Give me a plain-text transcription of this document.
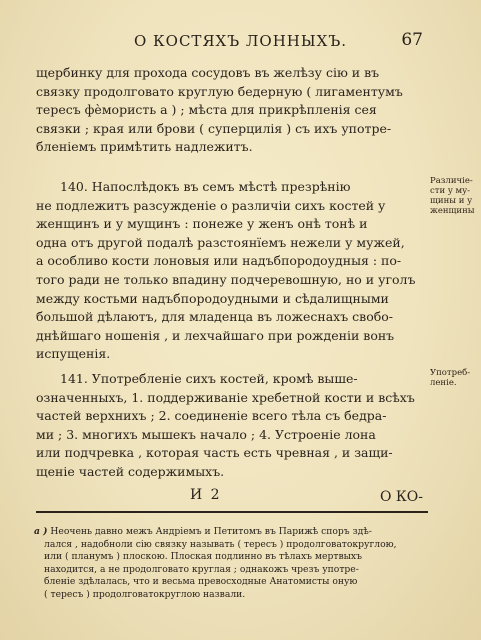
О КОСТЯХЪ ЛОННЫХЪ.	67
щербинку для прохода сосудовъ въ желѣзу сію и въ
связку продолговато круглую бедерную ( лигаментумъ
тересъ фѐмористь а ) ; мѣста для прикрѣпленія сея
связки ; края или брови ( суперцилія ) съ ихъ употре-
бленіемъ примѣтить надлежитъ.
140. Напослѣдокъ въ семъ мѣстѣ презрѣнію
не подлежитъ разсужденіе о различіи сихъ костей у
женщинъ и у мущинъ : понеже у женъ онѣ тонѣ и
одна отъ другой подалѣ разстоянїемъ нежели у мужей,
а особливо кости лоновыя или надъбпородоудныя : по-
того ради не только впадину подчеревошную, но и уголъ
между костьми надъбпородоудными и сѣдалищными
большой дѣлаютъ, для младенца въ ложеснахъ свобо-
днѣйшаго ношенія , и лехчайшаго при рожденіи вонъ
испущенія.
141. Употребленіе сихъ костей, кромѣ выше-
означенныхъ, 1. поддерживаніе хребетной кости и всѣхъ
частей верхнихъ ; 2. соединеніе всего тѣла съ бедра-
ми ; 3. многихъ мышекъ начало ; 4. Устроеніе лона
или подчревка , которая часть есть чревная , и защи-
щеніе частей содержимыхъ.
Различіе-
сти у му-
щины и у
женщины
Употреб-
леніе.
И 2	О КО-
а ) Неочень давно межъ Андріемъ и Петитомъ въ Парижѣ споръ здѣ-
лался , надобноли сію связку называть ( тересъ ) продолговатокруглою,
или ( планумъ ) плоскою. Плоская подлинно въ тѣлахъ мертвыхъ
находится, а не продолговато круглая ; однакожъ чрезъ употре-
бленіе здѣлалась, что и весьма превосходные Анатомисты оную
( тересъ ) продолговатокруглою назвали.
